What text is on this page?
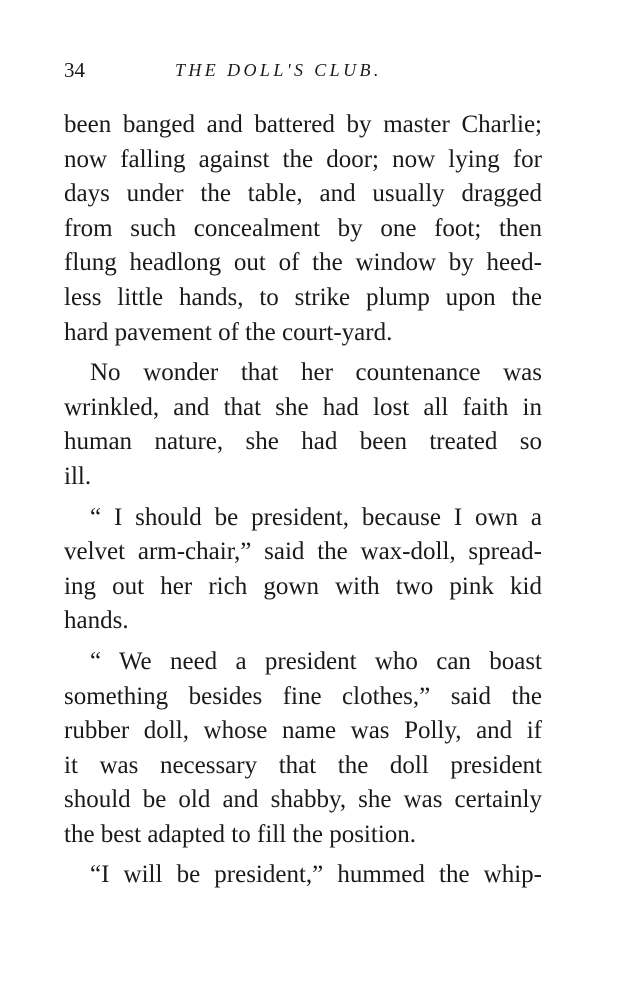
34	THE DOLL'S CLUB.
been banged and battered by master Charlie;
now falling against the door; now lying for
days under the table, and usually dragged
from such concealment by one foot; then
flung headlong out of the window by heed-
less little hands, to strike plump upon the
hard pavement of the court-yard.
No wonder that her countenance was
wrinkled, and that she had lost all faith in
human nature, she had been treated so
ill.
“ I should be president, because I own a
velvet arm-chair,” said the wax-doll, spread-
ing out her rich gown with two pink kid
hands.
“ We need a president who can boast
something besides fine clothes,” said the
rubber doll, whose name was Polly, and if
it was necessary that the doll president
should be old and shabby, she was certainly
the best adapted to fill the position.
“I will be president,” hummed the whip-
